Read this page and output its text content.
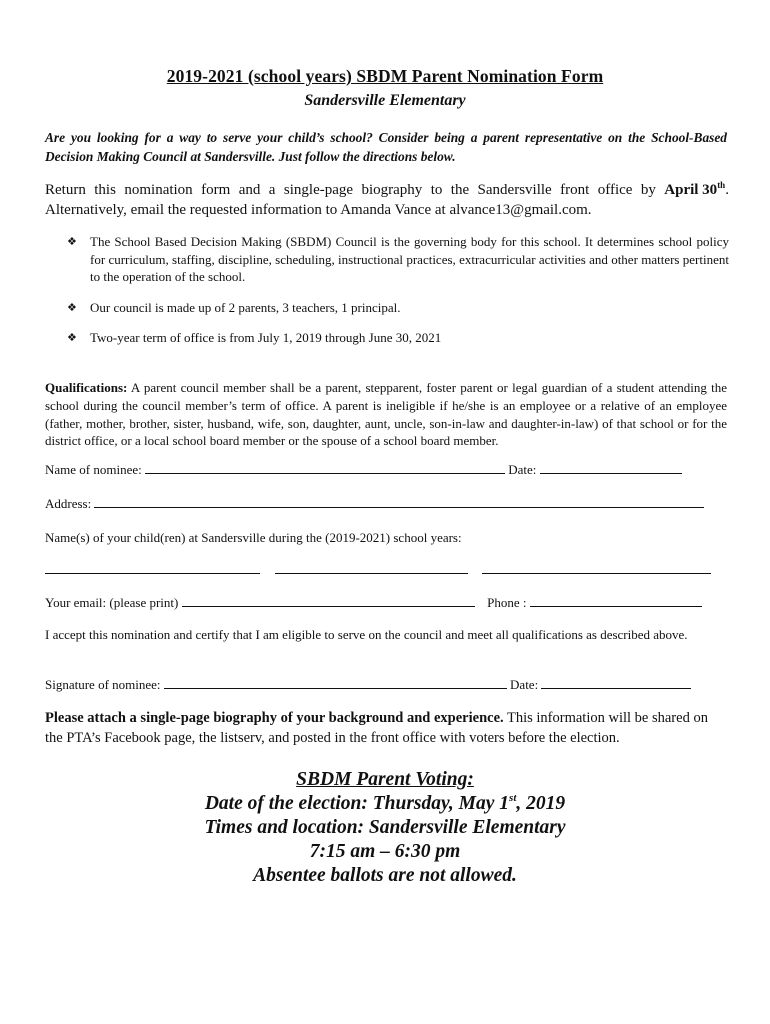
2019-2021 (school years) SBDM Parent Nomination Form
Sandersville Elementary
Are you looking for a way to serve your child’s school? Consider being a parent representative on the School-Based Decision Making Council at Sandersville. Just follow the directions below.
Return this nomination form and a single-page biography to the Sandersville front office by April 30th.
Alternatively, email the requested information to Amanda Vance at alvance13@gmail.com.
❖	The School Based Decision Making (SBDM) Council is the governing body for this school. It determines school policy for curriculum, staffing, discipline, scheduling, instructional practices, extracurricular activities and other matters pertinent to the operation of the school.
❖	Our council is made up of 2 parents, 3 teachers, 1 principal.
❖	Two-year term of office is from July 1, 2019 through June 30, 2021
Qualifications: A parent council member shall be a parent, stepparent, foster parent or legal guardian of a student attending the school during the council member’s term of office. A parent is ineligible if he/she is an employee or a relative of an employee (father, mother, brother, sister, husband, wife, son, daughter, aunt, uncle, son-in-law and daughter-in-law) of that school or for the district office, or a local school board member or the spouse of a school board member.
Name of nominee:	Date:
Address:
Name(s) of your child(ren) at Sandersville during the (2019-2021) school years:
Your email: (please print)	Phone :
I accept this nomination and certify that I am eligible to serve on the council and meet all qualifications as described above.
Signature of nominee:	Date:
Please attach a single-page biography of your background and experience. This information will be shared on the PTA’s Facebook page, the listserv, and posted in the front office with voters before the election.
SBDM Parent Voting:
Date of the election: Thursday, May 1st, 2019
Times and location: Sandersville Elementary
7:15 am – 6:30 pm
Absentee ballots are not allowed.
